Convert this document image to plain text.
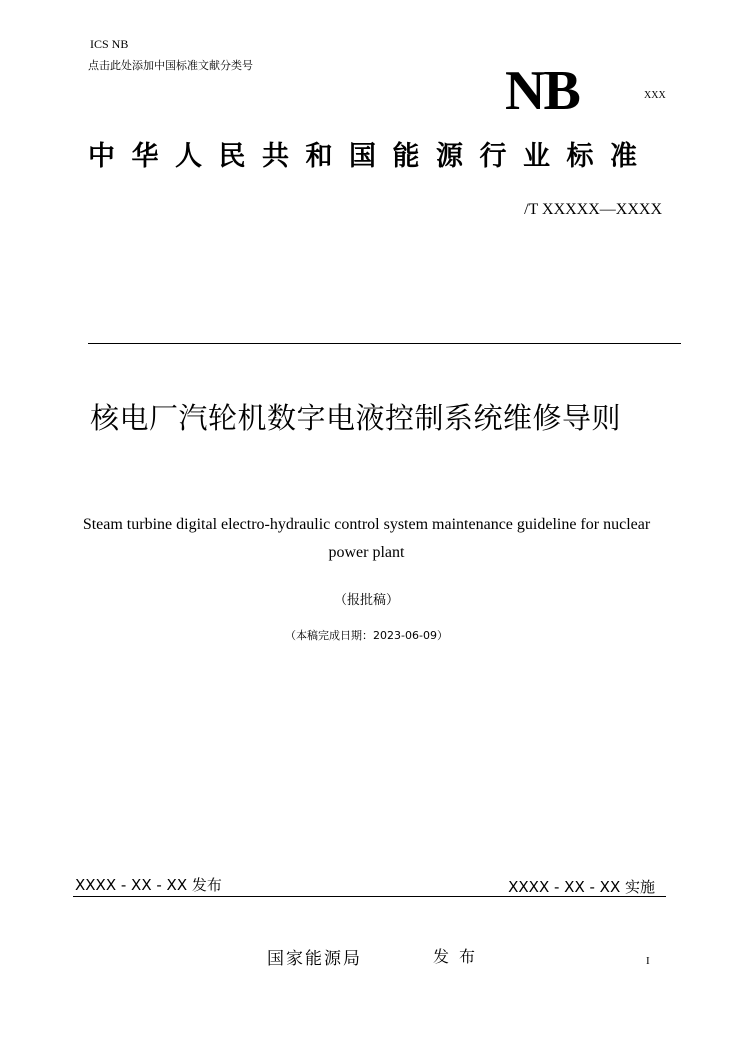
ICS NB
点击此处添加中国标准文献分类号	NB	XXX
中华人民共和国能源行业标准
/T XXXXX—XXXX
核电厂汽轮机数字电液控制系统维修导则
Steam turbine digital electro-hydraulic control system maintenance guideline for nuclear power plant
（报批稿）
（本稿完成日期：2023-06-09）
XXXX - XX - XX 发布	XXXX - XX - XX 实施
国家能源局	发布	I
